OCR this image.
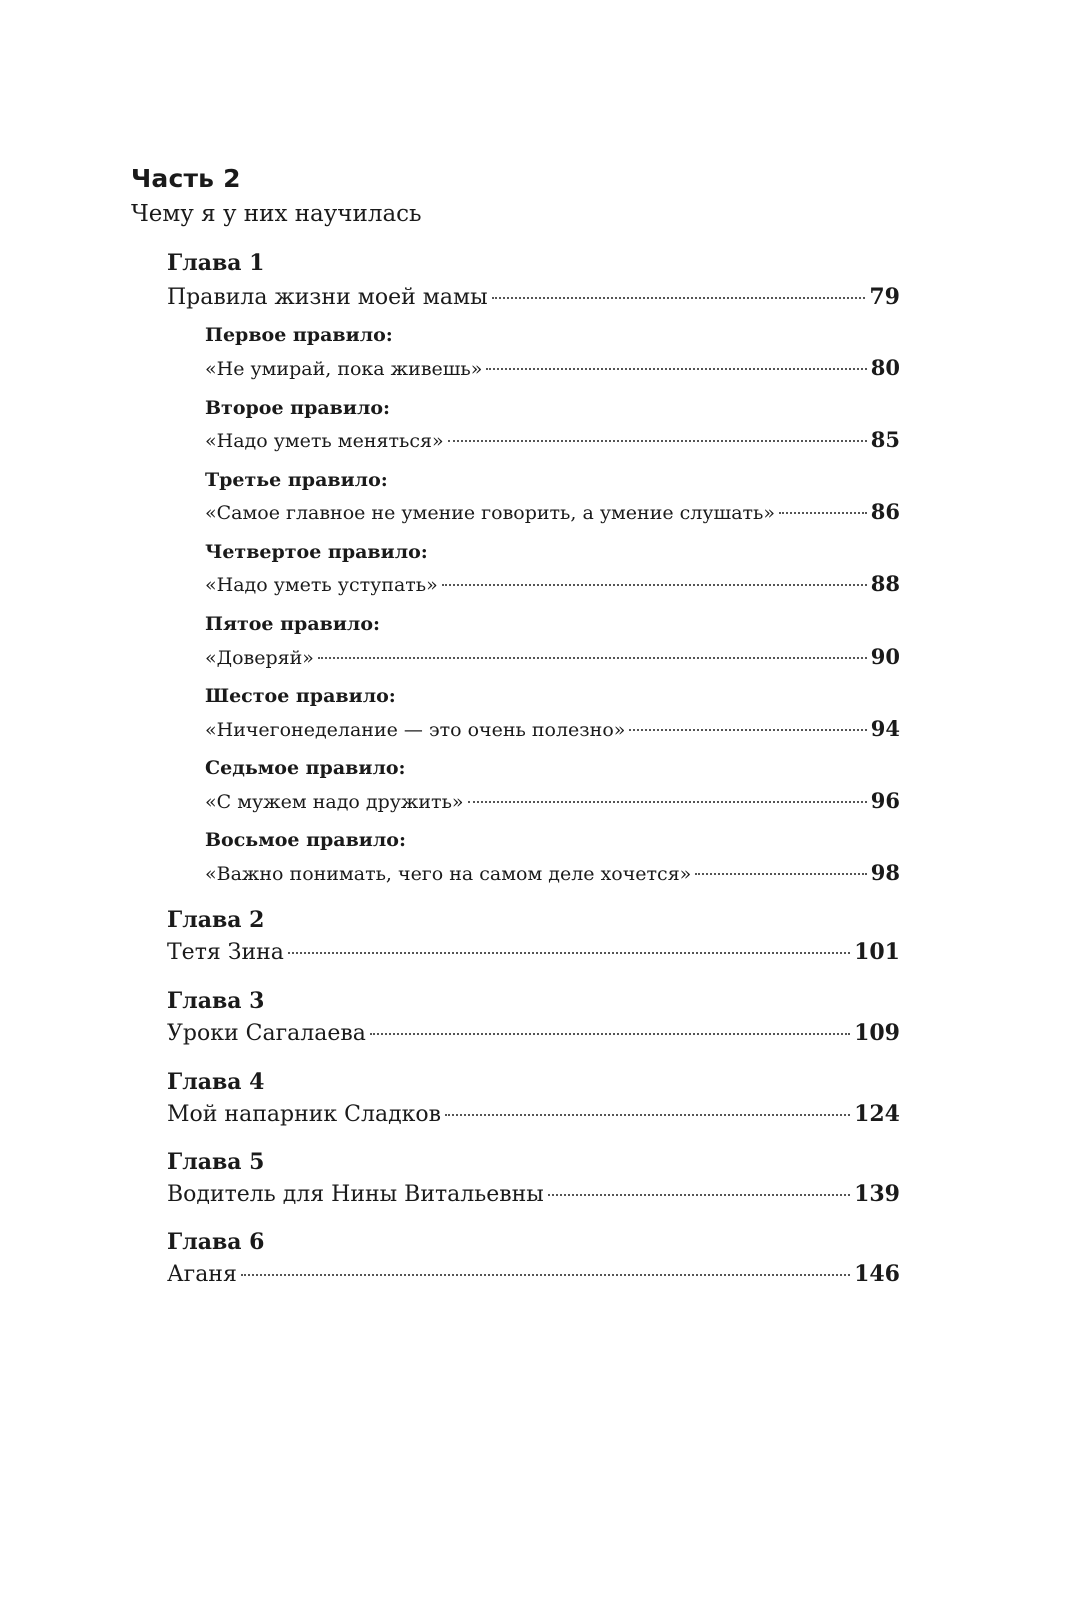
Часть 2
Чему я у них научилась
Глава 1
Правила жизни моей мамы	79
Первое правило:
«Не умирай, пока живешь»	80
Второе правило:
«Надо уметь меняться»	85
Третье правило:
«Самое главное не умение говорить, а умение слушать»	86
Четвертое правило:
«Надо уметь уступать»	88
Пятое правило:
«Доверяй»	90
Шестое правило:
«Ничегонеделание — это очень полезно»	94
Седьмое правило:
«С мужем надо дружить»	96
Восьмое правило:
«Важно понимать, чего на самом деле хочется»	98
Глава 2
Тетя Зина	101
Глава 3
Уроки Сагалаева	109
Глава 4
Мой напарник Сладков	124
Глава 5
Водитель для Нины Витальевны	139
Глава 6
Аганя	146
